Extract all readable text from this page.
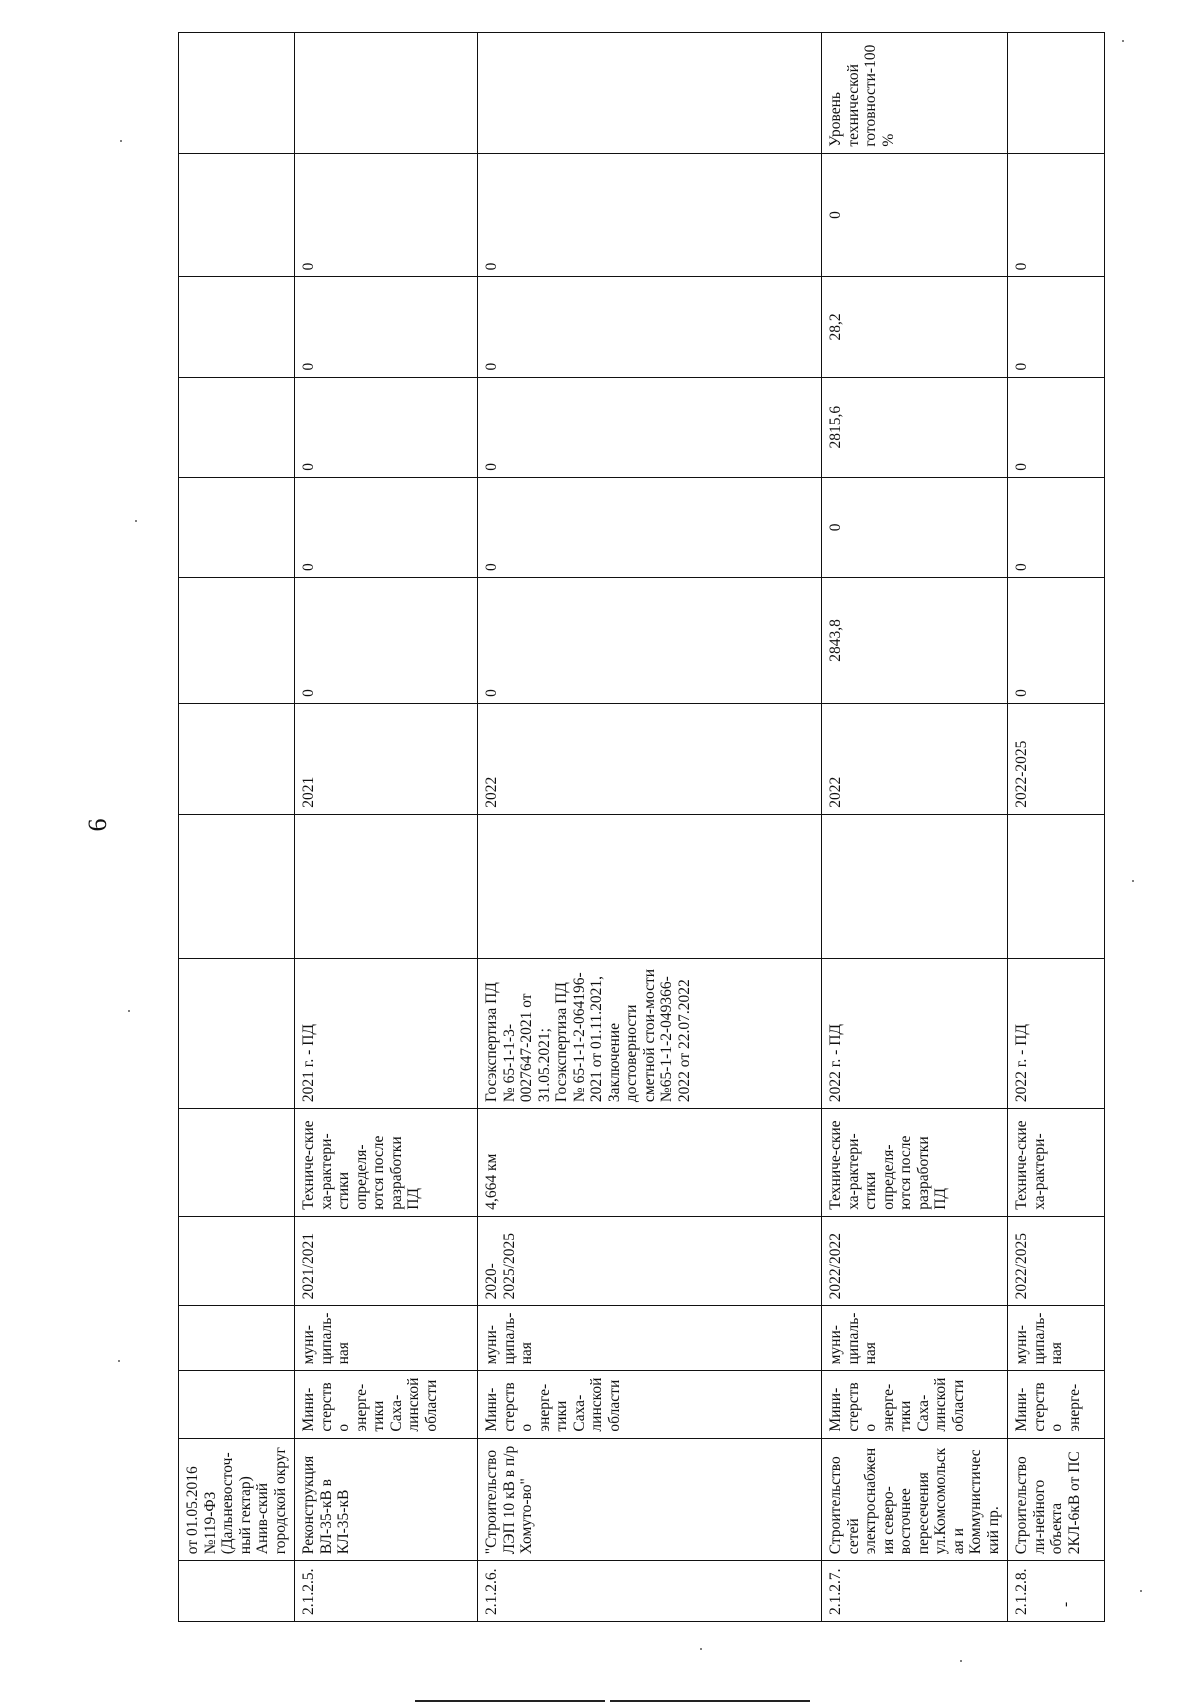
6
	от 01.05.2016 №119-ФЗ (Дальневосточ-ный гектар) Анив-ский городской округ													
2.1.2.5.	Реконструкция ВЛ-35-кВ в КЛ-35-кВ	Мини-стерство энерге-тики Саха-линской области	муни-ципаль-ная	2021/2021	Техниче-ские ха-рактери-стики определя-ются после разработки ПД	2021 г. - ПД		2021	0	0	0	0	0	
2.1.2.6.	"Строительство ЛЭП 10 кВ в п/р Хомуто-во"	Мини-стерство энерге-тики Саха-линской области	муни-ципаль-ная	2020-2025/2025	4,664 км	Госэкспертиза ПД № 65-1-1-3-0027647-2021 от 31.05.2021; Госэкспертиза ПД № 65-1-1-2-064196-2021 от 01.11.2021, Заключение достоверности сметной стои-мости №65-1-1-2-049366-2022 от 22.07.2022		2022	0	0	0	0	0	
2.1.2.7.	Строительство сетей электроснабжения северо-восточнее пересечения ул.Комсомольская и Коммунистический пр.	Мини-стерство энерге-тики Саха-линской области	муни-ципаль-ная	2022/2022	Техниче-ские ха-рактери-стики определя-ются после разработки ПД	2022 г. - ПД		2022	2843,8	0	2815,6	28,2	0	Уровень технической готовности-100%
2.1.2.8. -	Строительство ли-нейного объекта 2КЛ-6кВ от ПС	Мини-стерство энерге-	муни-ципаль-ная	2022/2025	Техниче-ские ха-рактери-	2022 г. - ПД		2022-2025	0	0	0	0	0	
